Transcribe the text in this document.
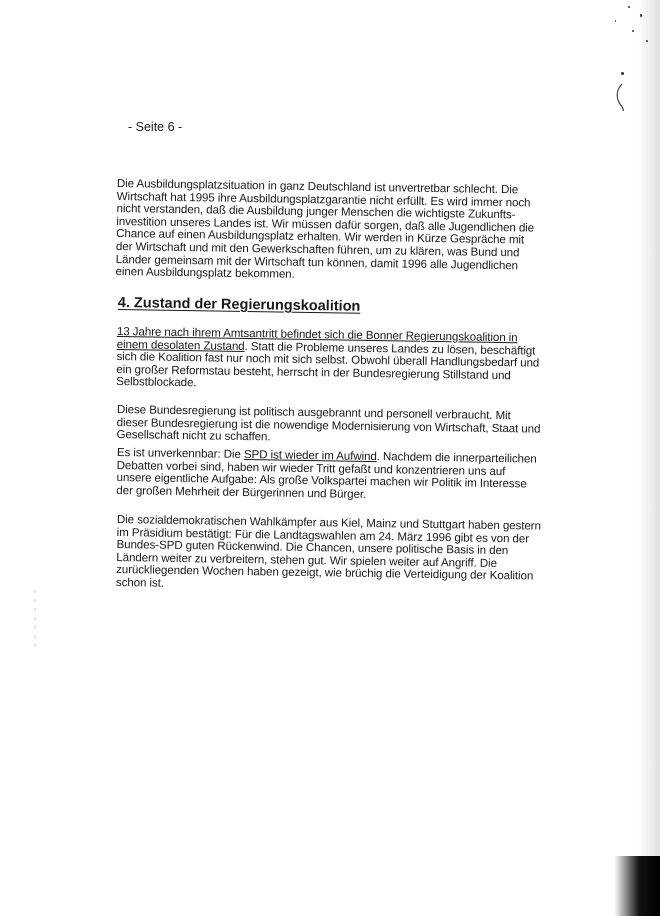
- Seite 6 -

Die Ausbildungsplatzsituation in ganz Deutschland ist unvertretbar schlecht. Die Wirtschaft hat 1995 ihre Ausbildungsplatzgarantie nicht erfüllt. Es wird immer noch nicht verstanden, daß die Ausbildung junger Menschen die wichtigste Zukunfts-investition unseres Landes ist. Wir müssen dafür sorgen, daß alle Jugendlichen die Chance auf einen Ausbildungsplatz erhalten. Wir werden in Kürze Gespräche mit der Wirtschaft und mit den Gewerkschaften führen, um zu klären, was Bund und Länder gemeinsam mit der Wirtschaft tun können, damit 1996 alle Jugendlichen einen Ausbildungsplatz bekommen.

4. Zustand der Regierungskoalition

13 Jahre nach ihrem Amtsantritt befindet sich die Bonner Regierungskoalition in einem desolaten Zustand. Statt die Probleme unseres Landes zu lösen, beschäftigt sich die Koalition fast nur noch mit sich selbst. Obwohl überall Handlungsbedarf und ein großer Reformstau besteht, herrscht in der Bundesregierung Stillstand und Selbstblockade.

Diese Bundesregierung ist politisch ausgebrannt und personell verbraucht. Mit dieser Bundesregierung ist die nowendige Modernisierung von Wirtschaft, Staat und Gesellschaft nicht zu schaffen.

Es ist unverkennbar: Die SPD ist wieder im Aufwind. Nachdem die innerparteilichen Debatten vorbei sind, haben wir wieder Tritt gefaßt und konzentrieren uns auf unsere eigentliche Aufgabe: Als große Volkspartei machen wir Politik im Interesse der großen Mehrheit der Bürgerinnen und Bürger.

Die sozialdemokratischen Wahlkämpfer aus Kiel, Mainz und Stuttgart haben gestern im Präsidium bestätigt: Für die Landtagswahlen am 24. März 1996 gibt es von der Bundes-SPD guten Rückenwind. Die Chancen, unsere politische Basis in den Ländern weiter zu verbreitern, stehen gut. Wir spielen weiter auf Angriff. Die zurückliegenden Wochen haben gezeigt, wie brüchig die Verteidigung der Koalition schon ist.
